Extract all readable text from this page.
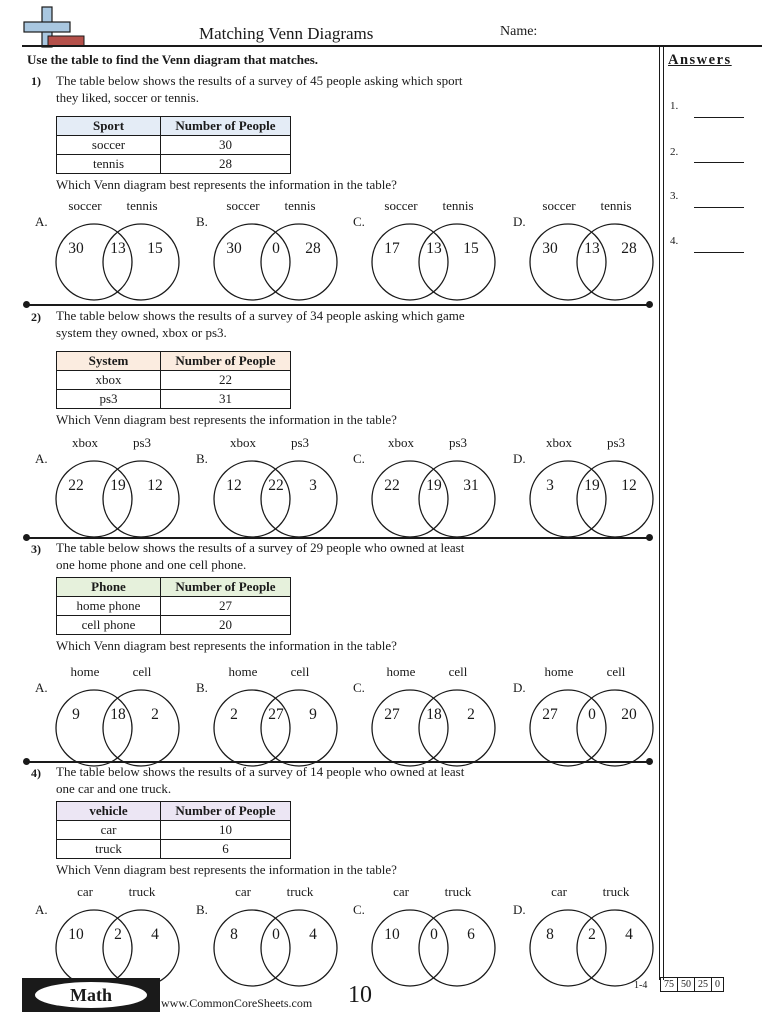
Matching Venn Diagrams	Name:
Use the table to find the Venn diagram that matches.	Answers
1.
2.
3.
4.
1) The table below shows the results of a survey of 45 people asking which sport they liked, soccer or tennis.
Sport	Number of People
soccer	30
tennis	28
Which Venn diagram best represents the information in the table?
A.
soccer	tennis
30	13	15
B.
soccer	tennis
30	0	28
C.
soccer	tennis
17	13	15
D.
soccer	tennis
30	13	28
2) The table below shows the results of a survey of 34 people asking which game system they owned, xbox or ps3.
System	Number of People
xbox	22
ps3	31
Which Venn diagram best represents the information in the table?
A.
xbox	ps3
22	19	12
B.
xbox	ps3
12	22	3
C.
xbox	ps3
22	19	31
D.
xbox	ps3
3	19	12
3) The table below shows the results of a survey of 29 people who owned at least one home phone and one cell phone.
Phone	Number of People
home phone	27
cell phone	20
Which Venn diagram best represents the information in the table?
A.
home	cell
9	18	2
B.
home	cell
2	27	9
C.
home	cell
27	18	2
D.
home	cell
27	0	20
4) The table below shows the results of a survey of 14 people who owned at least one car and one truck.
vehicle	Number of People
car	10
truck	6
Which Venn diagram best represents the information in the table?
A.
car	truck
10	2	4
B.
car	truck
8	0	4
C.
car	truck
10	0	6
D.
car	truck
8	2	4
Math	www.CommonCoreSheets.com 10	1-4	75 50 25 0
